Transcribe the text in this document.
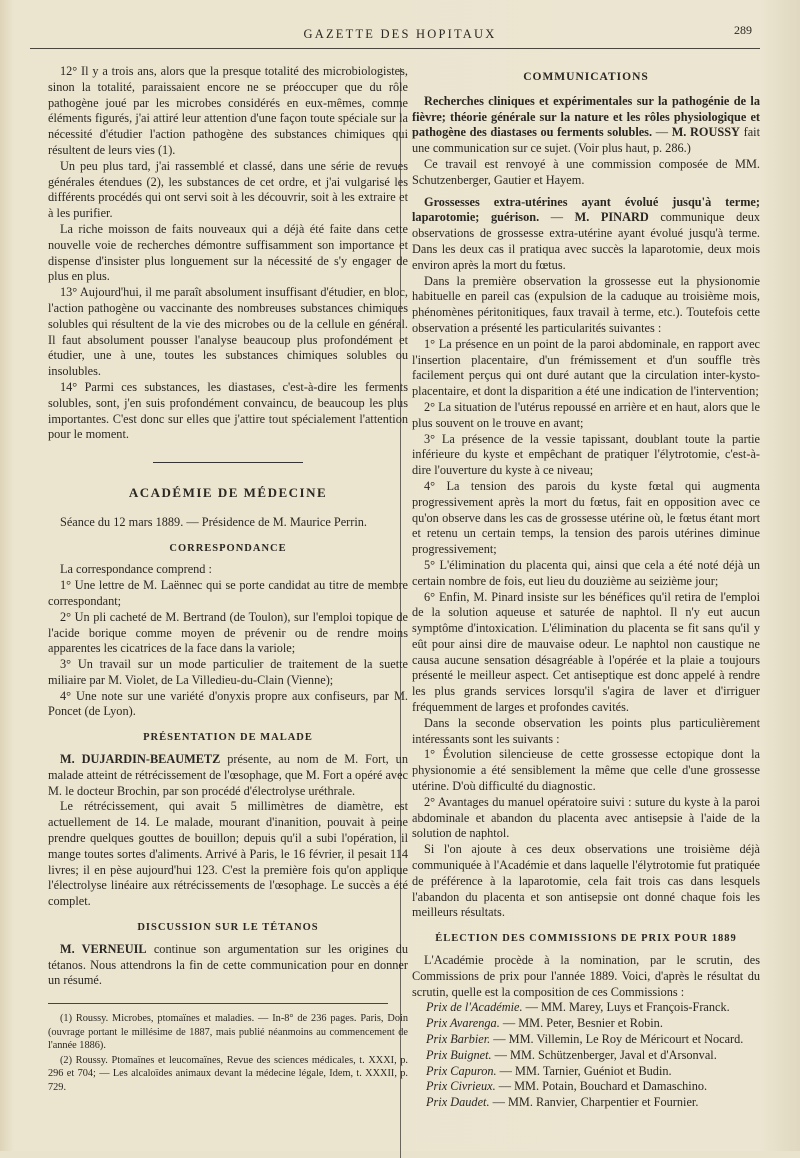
GAZETTE DES HOPITAUX	289

12° Il y a trois ans, alors que la presque totalité des microbiologistes, sinon la totalité, paraissaient encore ne se préoccuper que du rôle pathogène joué par les microbes considérés en eux-mêmes, comme éléments figurés, j'ai attiré leur attention d'une façon toute spéciale sur la nécessité d'étudier l'action pathogène des substances chimiques qui résultent de leurs vies (1).

Un peu plus tard, j'ai rassemblé et classé, dans une série de revues générales étendues (2), les substances de cet ordre, et j'ai vulgarisé les différents procédés qui ont servi soit à les découvrir, soit à les extraire et à les purifier.

La riche moisson de faits nouveaux qui a déjà été faite dans cette nouvelle voie de recherches démontre suffisamment son importance et dispense d'insister plus longuement sur la nécessité de s'y engager de plus en plus.

13° Aujourd'hui, il me paraît absolument insuffisant d'étudier, en bloc, l'action pathogène ou vaccinante des nombreuses substances chimiques solubles qui résultent de la vie des microbes ou de la cellule en général. Il faut absolument pousser l'analyse beaucoup plus profondément et étudier, une à une, toutes les substances chimiques solubles ou insolubles.

14° Parmi ces substances, les diastases, c'est-à-dire les ferments solubles, sont, j'en suis profondément convaincu, de beaucoup les plus importantes. C'est donc sur elles que j'attire tout spécialement l'attention pour le moment.

ACADÉMIE DE MÉDECINE

Séance du 12 mars 1889. — Présidence de M. Maurice Perrin.

CORRESPONDANCE

La correspondance comprend :

1° Une lettre de M. Laënnec qui se porte candidat au titre de membre correspondant;

2° Un pli cacheté de M. Bertrand (de Toulon), sur l'emploi topique de l'acide borique comme moyen de prévenir ou de rendre moins apparentes les cicatrices de la face dans la variole;

3° Un travail sur un mode particulier de traitement de la suette miliaire par M. Violet, de La Villedieu-du-Clain (Vienne);

4° Une note sur une variété d'onyxis propre aux confiseurs, par M. Poncet (de Lyon).

PRÉSENTATION DE MALADE

M. DUJARDIN-BEAUMETZ présente, au nom de M. Fort, un malade atteint de rétrécissement de l'œsophage, que M. Fort a opéré avec M. le docteur Brochin, par son procédé d'électrolyse uréthrale.

Le rétrécissement, qui avait 5 millimètres de diamètre, est actuellement de 14. Le malade, mourant d'inanition, pouvait à peine prendre quelques gouttes de bouillon; depuis qu'il a subi l'opération, il mange toutes sortes d'aliments. Arrivé à Paris, le 16 février, il pesait 114 livres; il en pèse aujourd'hui 123. C'est la première fois qu'on applique l'électrolyse linéaire aux rétrécissements de l'œsophage. Le succès a été complet.

DISCUSSION SUR LE TÉTANOS

M. VERNEUIL continue son argumentation sur les origines du tétanos. Nous attendrons la fin de cette communication pour en donner un résumé.

(1) Roussy. Microbes, ptomaïnes et maladies. — In-8° de 236 pages. Paris, Doin (ouvrage portant le millésime de 1887, mais publié néanmoins au commencement de l'année 1886).

(2) Roussy. Ptomaïnes et leucomaïnes, Revue des sciences médicales, t. XXXI, p. 296 et 704; — Les alcaloïdes animaux devant la médecine légale, Idem, t. XXXII, p. 729.

COMMUNICATIONS

Recherches cliniques et expérimentales sur la pathogénie de la fièvre; théorie générale sur la nature et les rôles physiologique et pathogène des diastases ou ferments solubles. — M. ROUSSY fait une communication sur ce sujet. (Voir plus haut, p. 286.)

Ce travail est renvoyé à une commission composée de MM. Schutzenberger, Gautier et Hayem.

Grossesses extra-utérines ayant évolué jusqu'à terme; laparotomie; guérison. — M. PINARD communique deux observations de grossesse extra-utérine ayant évolué jusqu'à terme. Dans les deux cas il pratiqua avec succès la laparotomie, deux mois environ après la mort du fœtus.

Dans la première observation la grossesse eut la physionomie habituelle en pareil cas (expulsion de la caduque au troisième mois, phénomènes péritonitiques, faux travail à terme, etc.). Toutefois cette observation a présenté les particularités suivantes :

1° La présence en un point de la paroi abdominale, en rapport avec l'insertion placentaire, d'un frémissement et d'un souffle très facilement perçus qui ont duré autant que la circulation inter-kysto-placentaire, et dont la disparition a été une indication de l'intervention;

2° La situation de l'utérus repoussé en arrière et en haut, alors que le plus souvent on le trouve en avant;

3° La présence de la vessie tapissant, doublant toute la partie inférieure du kyste et empêchant de pratiquer l'élytrotomie, c'est-à-dire l'ouverture du kyste à ce niveau;

4° La tension des parois du kyste fœtal qui augmenta progressivement après la mort du fœtus, fait en opposition avec ce qu'on observe dans les cas de grossesse utérine où, le fœtus étant mort et retenu un certain temps, la tension des parois utérines diminue progressivement;

5° L'élimination du placenta qui, ainsi que cela a été noté déjà un certain nombre de fois, eut lieu du douzième au seizième jour;

6° Enfin, M. Pinard insiste sur les bénéfices qu'il retira de l'emploi de la solution aqueuse et saturée de naphtol. Il n'y eut aucun symptôme d'intoxication. L'élimination du placenta se fit sans qu'il y eût pour ainsi dire de mauvaise odeur. Le naphtol non caustique ne causa aucune sensation désagréable à l'opérée et la plaie a toujours présenté le meilleur aspect. Cet antiseptique est donc appelé à rendre les plus grands services lorsqu'il s'agira de laver et d'irriguer fréquemment de larges et profondes cavités.

Dans la seconde observation les points plus particulièrement intéressants sont les suivants :

1° Évolution silencieuse de cette grossesse ectopique dont la physionomie a été sensiblement la même que celle d'une grossesse utérine. D'où difficulté du diagnostic.

2° Avantages du manuel opératoire suivi : suture du kyste à la paroi abdominale et abandon du placenta avec antisepsie à l'aide de la solution de naphtol.

Si l'on ajoute à ces deux observations une troisième déjà communiquée à l'Académie et dans laquelle l'élytrotomie fut pratiquée de préférence à la laparotomie, cela fait trois cas dans lesquels l'abandon du placenta et son antisepsie ont donné chaque fois les meilleurs résultats.

ÉLECTION DES COMMISSIONS DE PRIX POUR 1889

L'Académie procède à la nomination, par le scrutin, des Commissions de prix pour l'année 1889. Voici, d'après le résultat du scrutin, quelle est la composition de ces Commissions :

Prix de l'Académie. — MM. Marey, Luys et François-Franck.

Prix Avarenga. — MM. Peter, Besnier et Robin.

Prix Barbier. — MM. Villemin, Le Roy de Méricourt et Nocard.

Prix Buignet. — MM. Schützenberger, Javal et d'Arsonval.

Prix Capuron. — MM. Tarnier, Guéniot et Budin.

Prix Civrieux. — MM. Potain, Bouchard et Damaschino.

Prix Daudet. — MM. Ranvier, Charpentier et Fournier.
